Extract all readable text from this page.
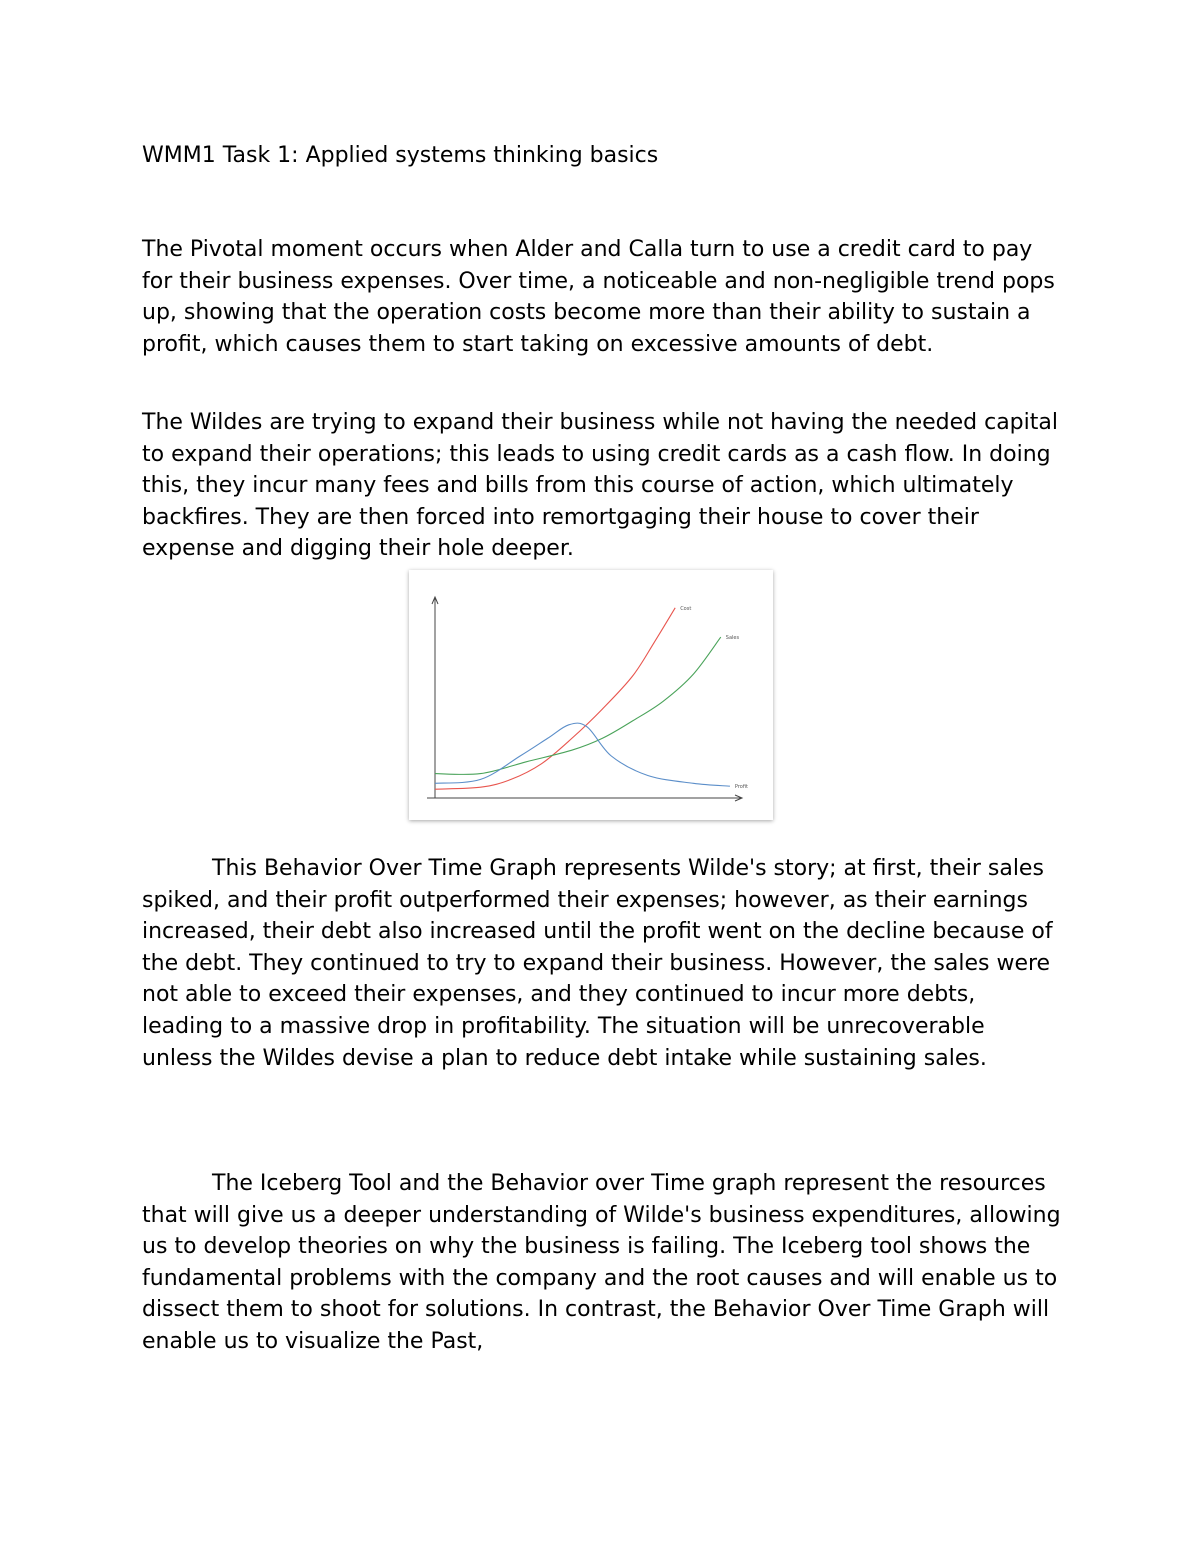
WMM1 Task 1: Applied systems thinking basics

The Pivotal moment occurs when Alder and Calla turn to use a credit card to pay for their business expenses. Over time, a noticeable and non-negligible trend pops up, showing that the operation costs become more than their ability to sustain a profit, which causes them to start taking on excessive amounts of debt.

The Wildes are trying to expand their business while not having the needed capital to expand their operations; this leads to using credit cards as a cash flow. In doing this, they incur many fees and bills from this course of action, which ultimately backfires. They are then forced into remortgaging their house to cover their expense and digging their hole deeper.

Cost
Sales
Profit

This Behavior Over Time Graph represents Wilde's story; at first, their sales spiked, and their profit outperformed their expenses; however, as their earnings increased, their debt also increased until the profit went on the decline because of the debt. They continued to try to expand their business. However, the sales were not able to exceed their expenses, and they continued to incur more debts, leading to a massive drop in profitability. The situation will be unrecoverable unless the Wildes devise a plan to reduce debt intake while sustaining sales.

The Iceberg Tool and the Behavior over Time graph represent the resources that will give us a deeper understanding of Wilde's business expenditures, allowing us to develop theories on why the business is failing. The Iceberg tool shows the fundamental problems with the company and the root causes and will enable us to dissect them to shoot for solutions. In contrast, the Behavior Over Time Graph will enable us to visualize the Past,
